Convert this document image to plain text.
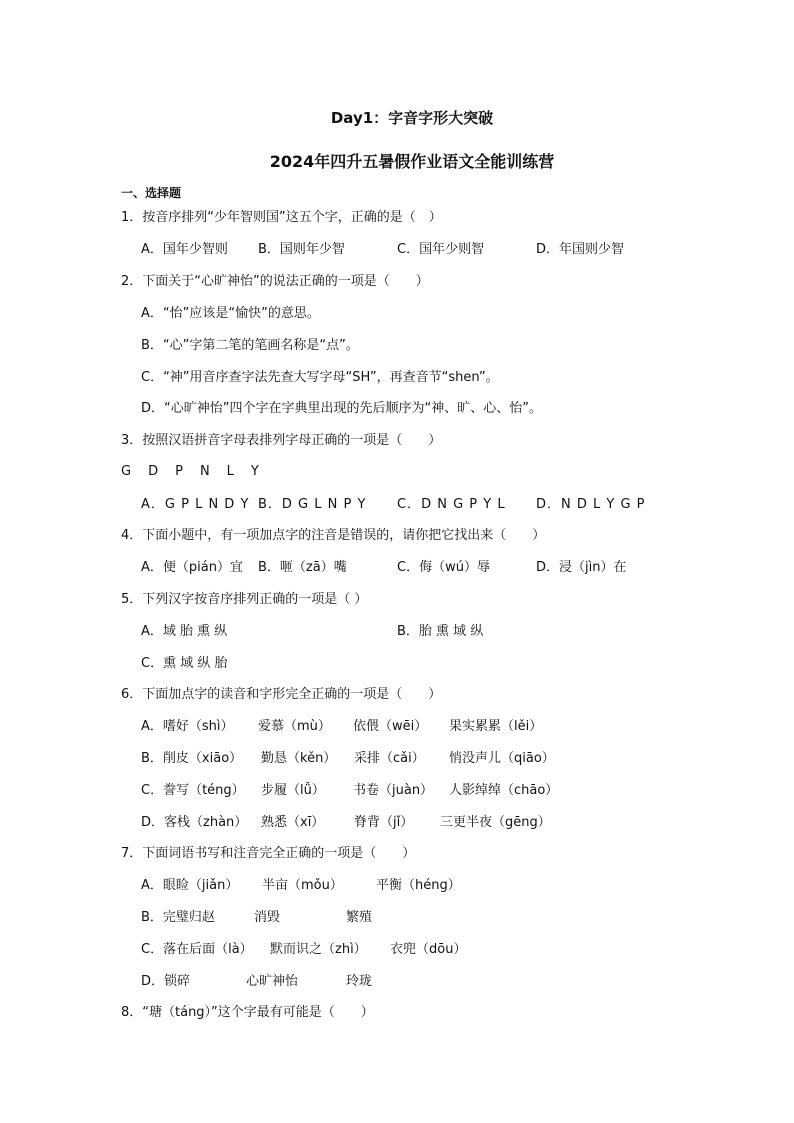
Day1：字音字形大突破
2024年四升五暑假作业语文全能训练营
一、选择题
1．按音序排列“少年智则国”这五个字，正确的是（　）
A．国年少智则 B．国则年少智	C．国年少则智	D．年国则少智
2．下面关于“心旷神怡”的说法正确的一项是（　　）
A．“怡”应该是“愉快”的意思。
B．“心”字第二笔的笔画名称是“点”。
C．“神”用音序查字法先查大写字母“SH”，再查音节“shen”。
D．“心旷神怡”四个字在字典里出现的先后顺序为“神、旷、心、怡”。
3．按照汉语拼音字母表排列字母正确的一项是（　　）
G D P N L Y
A．G P L N D Y B．D G L N P Y C．D N G P Y L D．N D L Y G P
4．下面小题中，有一项加点字的注音是错误的，请你把它找出来（　　）
A．便（pián）宜 B．咂（zā）嘴	C．侮（wú）辱	D．浸（jìn）在
5．下列汉字按音序排列正确的一项是（ ）
A．域 胎 熏 纵	B．胎 熏 域 纵
C．熏 域 纵 胎
6．下面加点字的读音和字形完全正确的一项是（　　）
A．嗜好（shì） 爱慕（mù） 依偎（wēi） 果实累累（lěi）
B．削皮（xiāo） 勤恳（kěn） 采排（cǎi） 悄没声儿（qiāo）
C．誊写（téng） 步履（lǚ） 书卷（juàn） 人影绰绰（chāo）
D．客栈（zhàn） 熟悉（xī） 脊背（jǐ） 三更半夜（gēng）
7．下面词语书写和注音完全正确的一项是（　　）
A．眼睑（jiǎn） 半亩（mǒu）	平衡（héng）
B．完璧归赵	消毁	繁殖
C．落在后面（là） 默而识之（zhì） 衣兜（dōu）
D．锁碎	心旷神怡	玲珑
8．“瑭（táng）”这个字最有可能是（　　）
